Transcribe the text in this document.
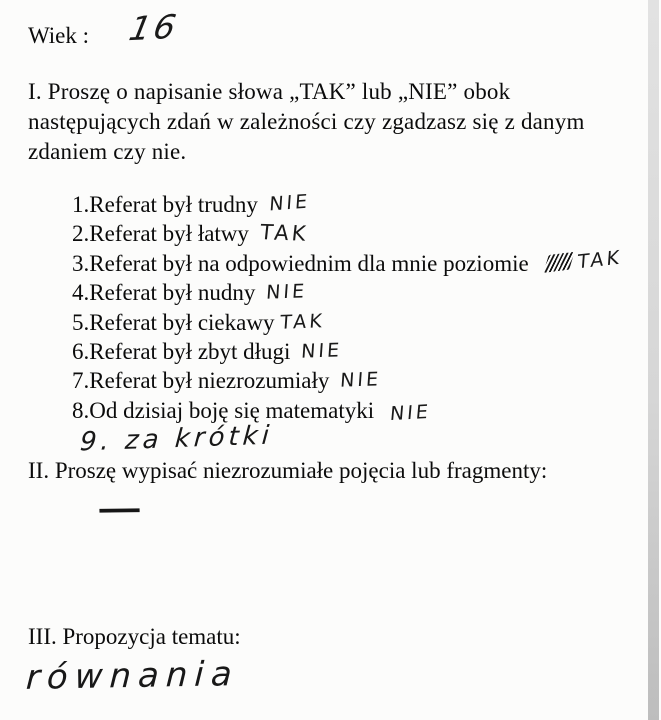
Wiek : 16
I. Proszę o napisanie słowa „TAK” lub „NIE” obok
następujących zdań w zależności czy zgadzasz się z danym
zdaniem czy nie.
1.Referat był trudny NIE
2.Referat był łatwy TAK
3.Referat był na odpowiednim dla mnie poziomie	TAK
4.Referat był nudny NIE
5.Referat był ciekawy TAK
6.Referat był zbyt długi NIE
7.Referat był niezrozumiały NIE
8.Od dzisiaj boję się matematyki NIE
9. za krótki
II. Proszę wypisać niezrozumiałe pojęcia lub fragmenty:
—
III. Propozycja tematu:
równania
